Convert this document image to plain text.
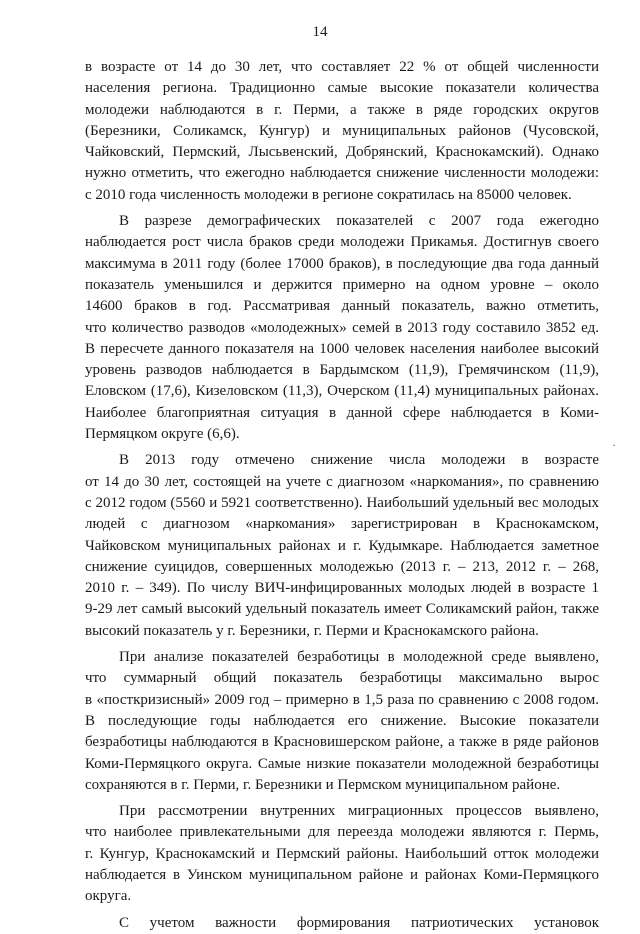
14
в возрасте от 14 до 30 лет, что составляет 22 % от общей численности
населения региона. Традиционно самые высокие показатели количества
молодежи наблюдаются в г. Перми, а также в ряде городских округов
(Березники, Соликамск, Кунгур) и муниципальных районов (Чусовской,
Чайковский, Пермский, Лысьвенский, Добрянский, Краснокамский). Однако
нужно отметить, что ежегодно наблюдается снижение численности молодежи:
с 2010 года численность молодежи в регионе сократилась на 85000 человек.
В разрезе демографических показателей с 2007 года ежегодно
наблюдается рост числа браков среди молодежи Прикамья. Достигнув своего
максимума в 2011 году (более 17000 браков), в последующие два года данный
показатель уменьшился и держится примерно на одном уровне – около
14600 браков в год. Рассматривая данный показатель, важно отметить,
что количество разводов «молодежных» семей в 2013 году составило 3852 ед.
В пересчете данного показателя на 1000 человек населения наиболее высокий
уровень разводов наблюдается в Бардымском (11,9), Гремячинском (11,9),
Еловском (17,6), Кизеловском (11,3), Очерском (11,4) муниципальных районах.
Наиболее благоприятная ситуация в данной сфере наблюдается в Коми-
Пермяцком округе (6,6).
В 2013 году отмечено снижение числа молодежи в возрасте
от 14 до 30 лет, состоящей на учете с диагнозом «наркомания», по сравнению
с 2012 годом (5560 и 5921 соответственно). Наибольший удельный вес молодых
людей с диагнозом «наркомания» зарегистрирован в Краснокамском,
Чайковском муниципальных районах и г. Кудымкаре. Наблюдается заметное
снижение суицидов, совершенных молодежью (2013 г. – 213, 2012 г. – 268,
2010 г. – 349). По числу ВИЧ-инфицированных молодых людей в возрасте 1
9-29 лет самый высокий удельный показатель имеет Соликамский район, также
высокий показатель у г. Березники, г. Перми и Краснокамского района.
При анализе показателей безработицы в молодежной среде выявлено,
что суммарный общий показатель безработицы максимально вырос
в «посткризисный» 2009 год – примерно в 1,5 раза по сравнению с 2008 годом.
В последующие годы наблюдается его снижение. Высокие показатели
безработицы наблюдаются в Красновишерском районе, а также в ряде районов
Коми-Пермяцкого округа. Самые низкие показатели молодежной безработицы
сохраняются в г. Перми, г. Березники и Пермском муниципальном районе.
При рассмотрении внутренних миграционных процессов выявлено,
что наиболее привлекательными для переезда молодежи являются г. Пермь,
г. Кунгур, Краснокамский и Пермский районы. Наибольший отток молодежи
наблюдается в Уинском муниципальном районе и районах Коми-Пермяцкого
округа.
С учетом важности формирования патриотических установок
·
